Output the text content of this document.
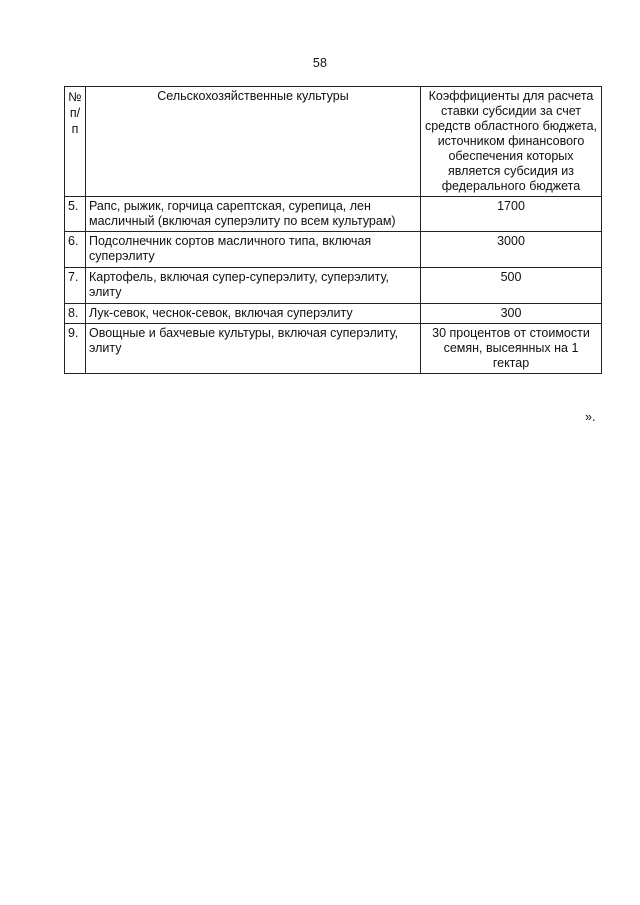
58
№ п/ п	Сельскохозяйственные культуры	Коэффициенты для расчета ставки субсидии за счет средств областного бюджета, источником финансового обеспечения которых является субсидия из федерального бюджета
5.	Рапс, рыжик, горчица сарептская, сурепица, лен масличный (включая суперэлиту по всем культурам)	1700
6.	Подсолнечник сортов масличного типа, включая суперэлиту	3000
7.	Картофель, включая супер-суперэлиту, суперэлиту, элиту	500
8.	Лук-севок, чеснок-севок, включая суперэлиту	300
9.	Овощные и бахчевые культуры, включая суперэлиту, элиту	30 процентов от стоимости семян, высеянных на 1 гектар
».
